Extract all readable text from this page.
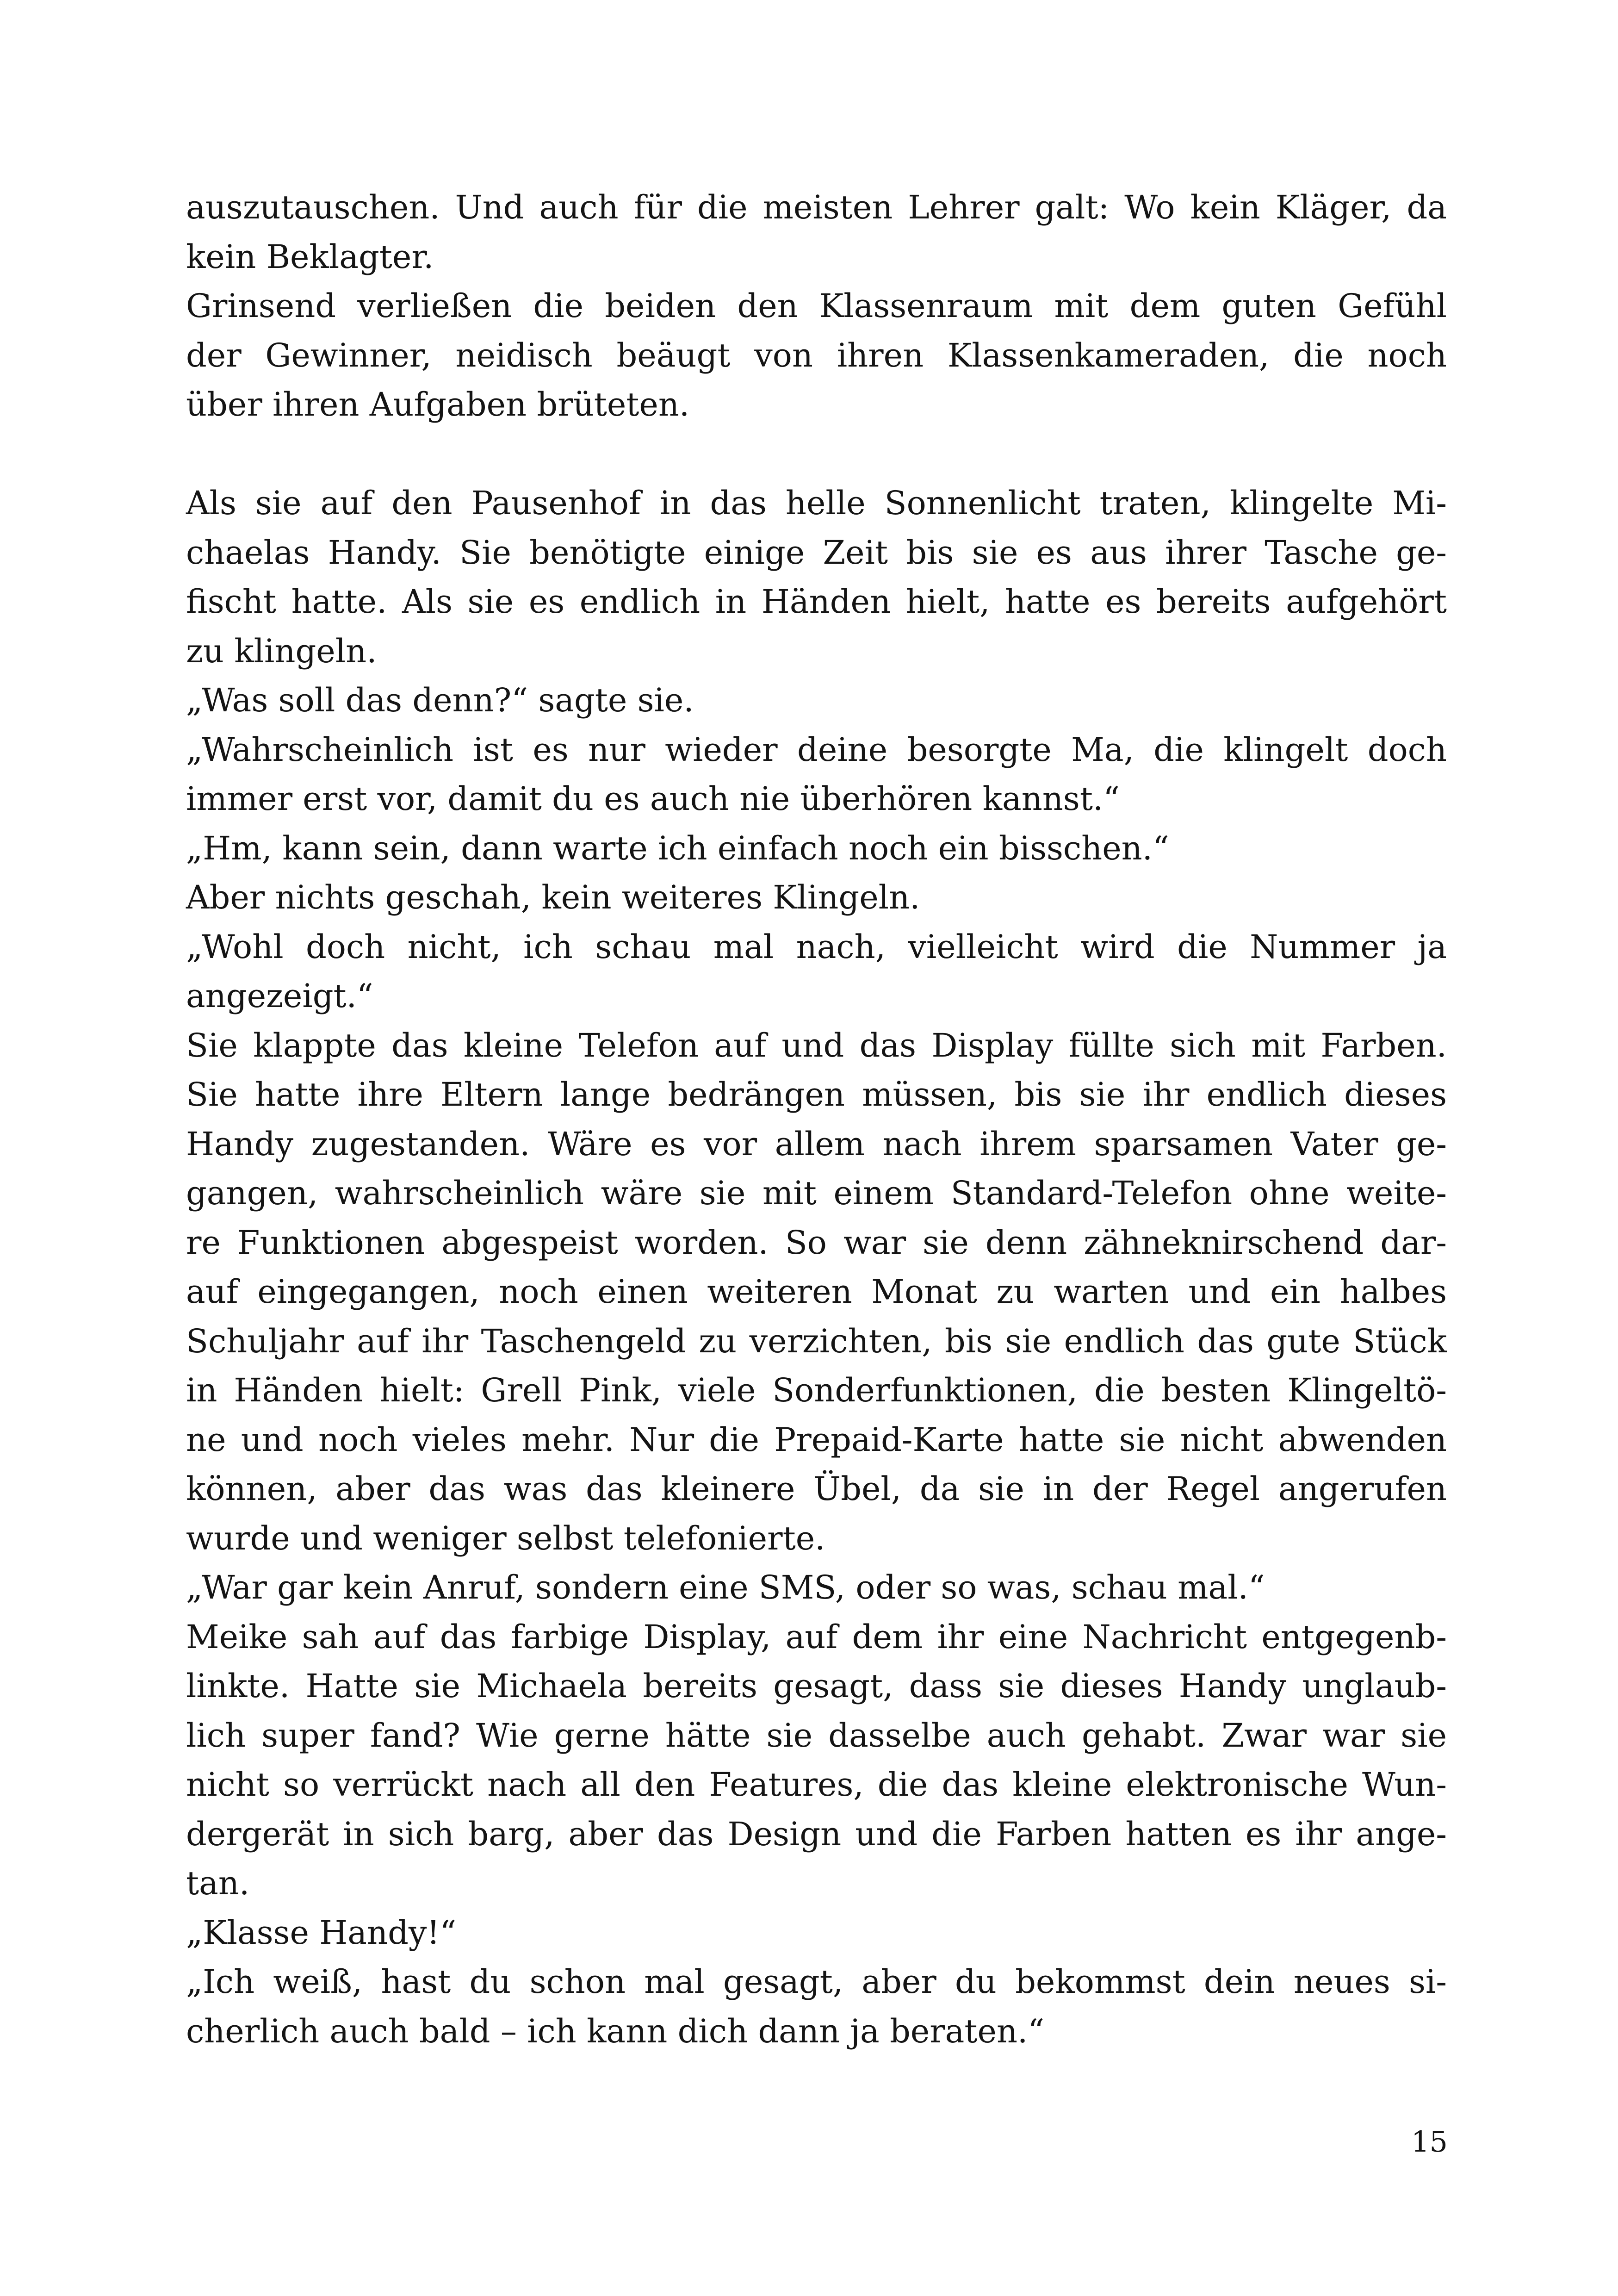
auszutauschen. Und auch für die meisten Lehrer galt: Wo kein Kläger, da
kein Beklagter.
Grinsend verließen die beiden den Klassenraum mit dem guten Gefühl
der Gewinner, neidisch beäugt von ihren Klassenkameraden, die noch
über ihren Aufgaben brüteten.
Als sie auf den Pausenhof in das helle Sonnenlicht traten, klingelte Mi-
chaelas Handy. Sie benötigte einige Zeit bis sie es aus ihrer Tasche ge-
fischt hatte. Als sie es endlich in Händen hielt, hatte es bereits aufgehört
zu klingeln.
„Was soll das denn?“ sagte sie.
„Wahrscheinlich ist es nur wieder deine besorgte Ma, die klingelt doch
immer erst vor, damit du es auch nie überhören kannst.“
„Hm, kann sein, dann warte ich einfach noch ein bisschen.“
Aber nichts geschah, kein weiteres Klingeln.
„Wohl doch nicht, ich schau mal nach, vielleicht wird die Nummer ja
angezeigt.“
Sie klappte das kleine Telefon auf und das Display füllte sich mit Farben.
Sie hatte ihre Eltern lange bedrängen müssen, bis sie ihr endlich dieses
Handy zugestanden. Wäre es vor allem nach ihrem sparsamen Vater ge-
gangen, wahrscheinlich wäre sie mit einem Standard-Telefon ohne weite-
re Funktionen abgespeist worden. So war sie denn zähneknirschend dar-
auf eingegangen, noch einen weiteren Monat zu warten und ein halbes
Schuljahr auf ihr Taschengeld zu verzichten, bis sie endlich das gute Stück
in Händen hielt: Grell Pink, viele Sonderfunktionen, die besten Klingeltö-
ne und noch vieles mehr. Nur die Prepaid-Karte hatte sie nicht abwenden
können, aber das was das kleinere Übel, da sie in der Regel angerufen
wurde und weniger selbst telefonierte.
„War gar kein Anruf, sondern eine SMS, oder so was, schau mal.“
Meike sah auf das farbige Display, auf dem ihr eine Nachricht entgegenb-
linkte. Hatte sie Michaela bereits gesagt, dass sie dieses Handy unglaub-
lich super fand? Wie gerne hätte sie dasselbe auch gehabt. Zwar war sie
nicht so verrückt nach all den Features, die das kleine elektronische Wun-
dergerät in sich barg, aber das Design und die Farben hatten es ihr ange-
tan.
„Klasse Handy!“
„Ich weiß, hast du schon mal gesagt, aber du bekommst dein neues si-
cherlich auch bald – ich kann dich dann ja beraten.“
15
